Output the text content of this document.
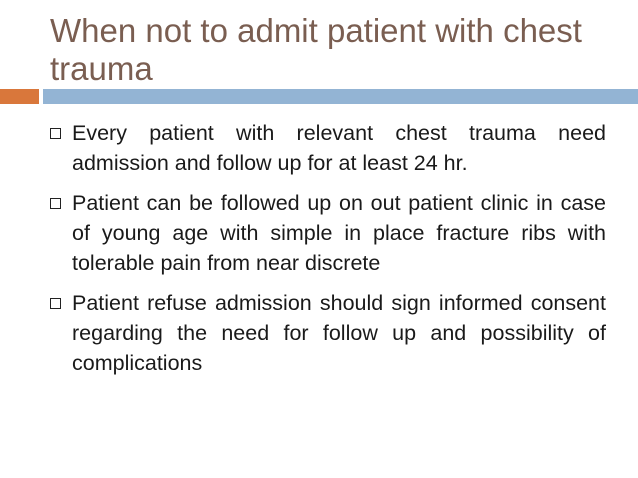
When not to admit patient with chest trauma
Every patient with relevant chest trauma need admission and follow up for at least 24 hr.
Patient can be followed up on out patient clinic in case of young age with simple in place fracture ribs with tolerable pain from near discrete
Patient refuse admission should sign informed consent regarding the need for follow up and possibility of complications
